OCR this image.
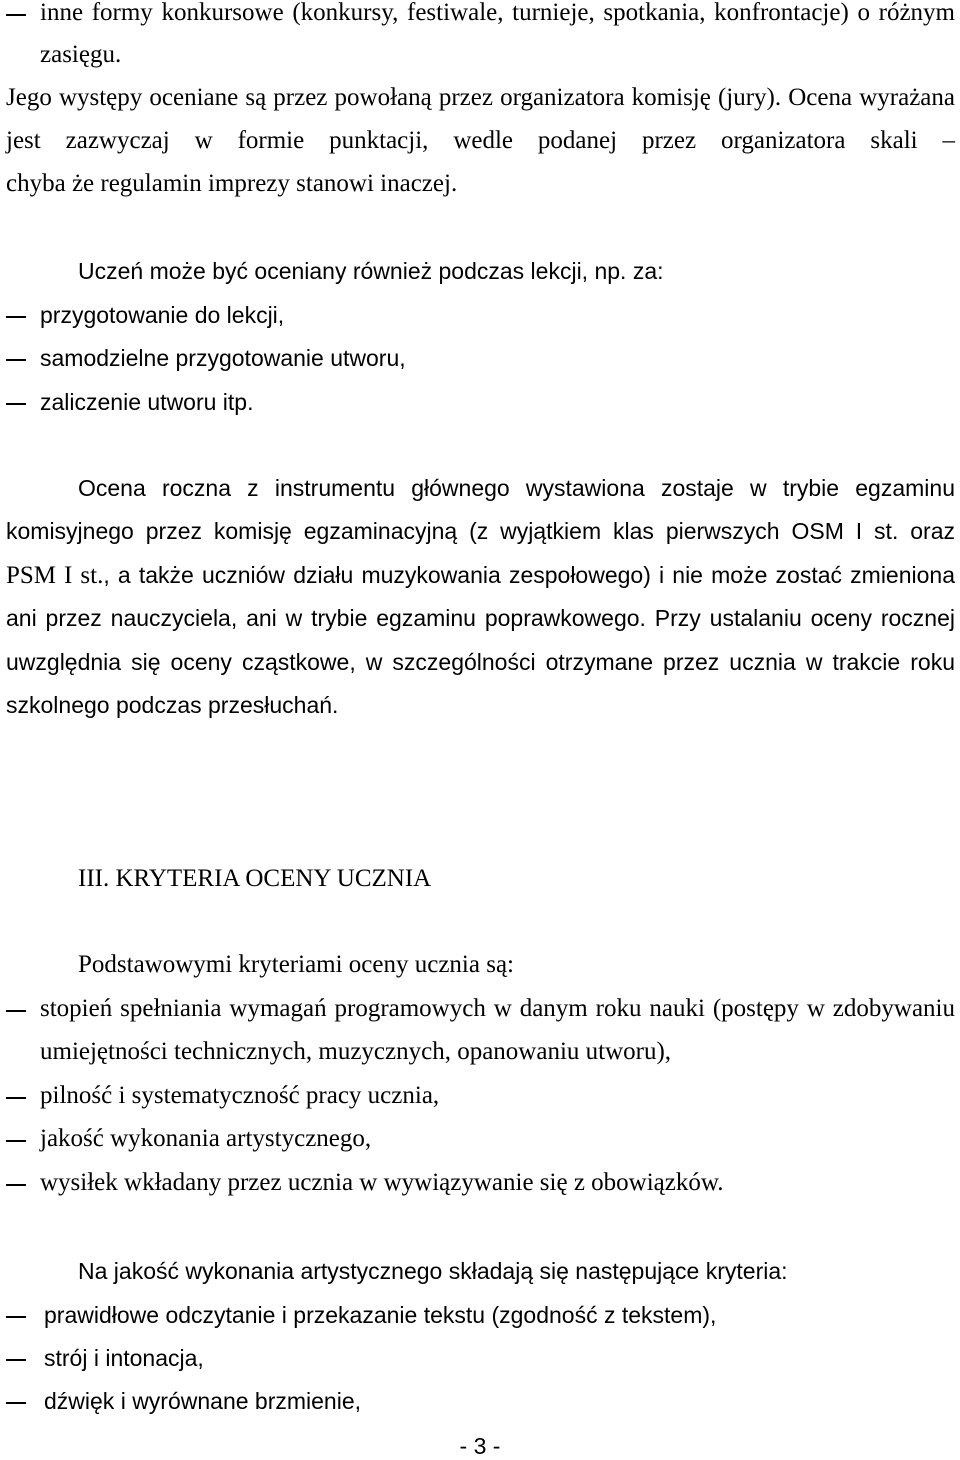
inne formy konkursowe (konkursy, festiwale, turnieje, spotkania, konfrontacje) o różnym
zasięgu.
Jego występy oceniane są przez powołaną przez organizatora komisję (jury). Ocena wyrażana
jest zazwyczaj w formie punktacji, wedle podanej przez organizatora skali –
chyba że regulamin imprezy stanowi inaczej.
Uczeń może być oceniany również podczas lekcji, np. za:
przygotowanie do lekcji,
samodzielne przygotowanie utworu,
zaliczenie utworu itp.
Ocena roczna z instrumentu głównego wystawiona zostaje w trybie egzaminu
komisyjnego przez komisję egzaminacyjną (z wyjątkiem klas pierwszych OSM I st. oraz
PSM I st., a także uczniów działu muzykowania zespołowego) i nie może zostać zmieniona
ani przez nauczyciela, ani w trybie egzaminu poprawkowego. Przy ustalaniu oceny rocznej
uwzględnia się oceny cząstkowe, w szczególności otrzymane przez ucznia w trakcie roku
szkolnego podczas przesłuchań.
III. KRYTERIA OCENY UCZNIA
Podstawowymi kryteriami oceny ucznia są:
stopień spełniania wymagań programowych w danym roku nauki (postępy w zdobywaniu
umiejętności technicznych, muzycznych, opanowaniu utworu),
pilność i systematyczność pracy ucznia,
jakość wykonania artystycznego,
wysiłek wkładany przez ucznia w wywiązywanie się z obowiązków.
Na jakość wykonania artystycznego składają się następujące kryteria:
prawidłowe odczytanie i przekazanie tekstu (zgodność z tekstem),
strój i intonacja,
dźwięk i wyrównane brzmienie,
- 3 -
